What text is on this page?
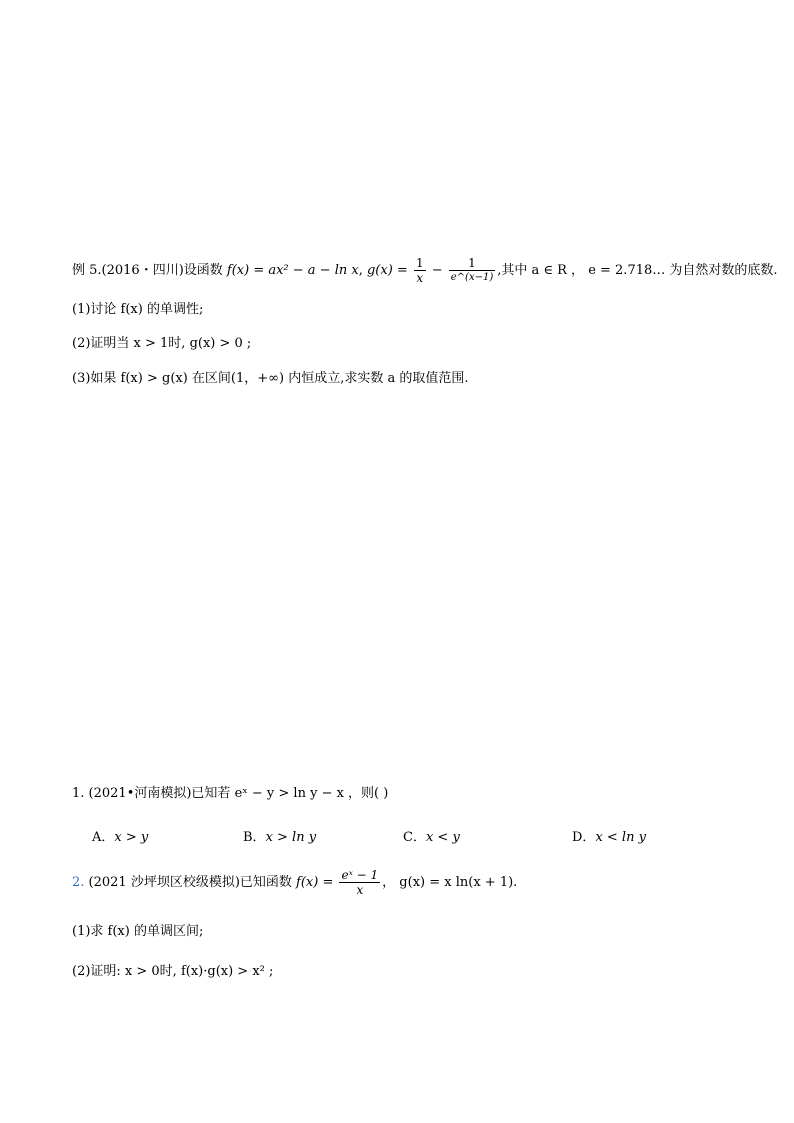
例 5.(2016・四川)设函数 f(x) = ax² − a − ln x, $g(x) = \frac{1}{x} - \frac{1}{e\^{}(x-1)}$ ,其中 a ∈ R ， e = 2.718… 为自然对数的底数.
(1)讨论 f(x) 的单调性;
(2)证明当 x > 1时, g(x) > 0 ;
(3)如果 f(x) > g(x) 在区间(1，+∞) 内恒成立,求实数 a 的取值范围.
1. (2021•河南模拟)已知若 eˣ − y > ln y − x ，则( )
A．x > y	B．x > ln y	C．x < y	D．x < ln y
2. (2021 沙坪坝区校级模拟)已知函数 $f(x) = \frac{\text{eˣ − 1}}{x}$ ， g(x) = x ln(x + 1).
(1)求 f(x) 的单调区间;
(2)证明: x > 0时, f(x)·g(x) > x² ;
